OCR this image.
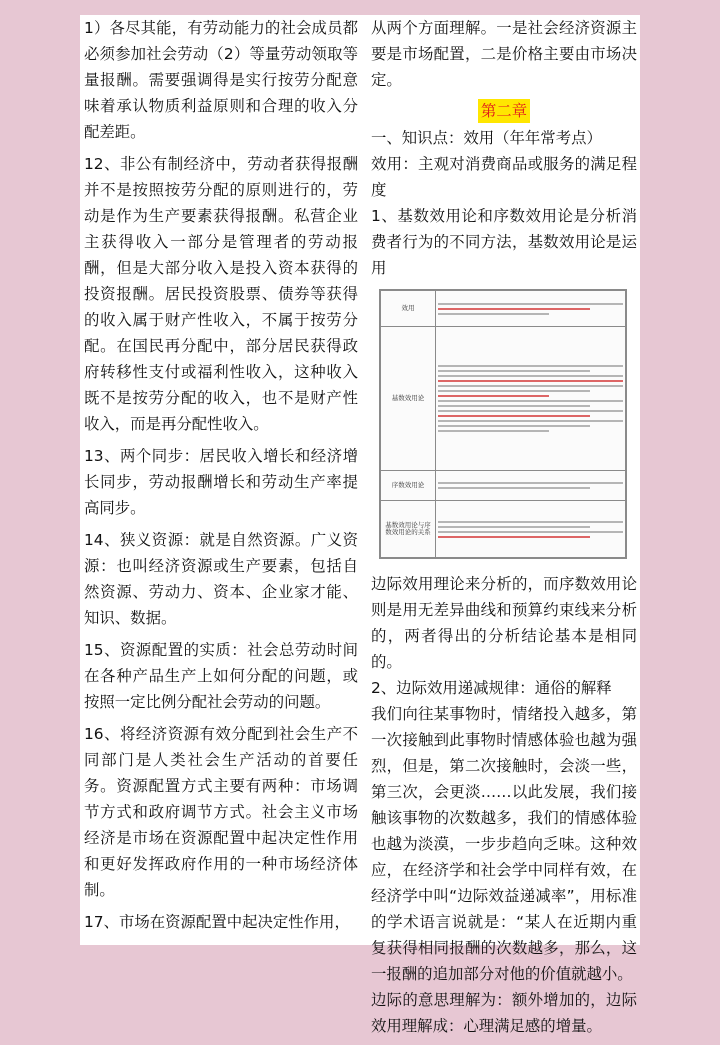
1）各尽其能，有劳动能力的社会成员都必须参加社会劳动（2）等量劳动领取等量报酬。需要强调得是实行按劳分配意味着承认物质利益原则和合理的收入分配差距。

12、非公有制经济中，劳动者获得报酬并不是按照按劳分配的原则进行的，劳动是作为生产要素获得报酬。私营企业主获得收入一部分是管理者的劳动报酬，但是大部分收入是投入资本获得的投资报酬。居民投资股票、债券等获得的收入属于财产性收入，不属于按劳分配。在国民再分配中，部分居民获得政府转移性支付或福利性收入，这种收入既不是按劳分配的收入，也不是财产性收入，而是再分配性收入。

13、两个同步：居民收入增长和经济增长同步，劳动报酬增长和劳动生产率提高同步。

14、狭义资源：就是自然资源。广义资源：也叫经济资源或生产要素，包括自然资源、劳动力、资本、企业家才能、知识、数据。

15、资源配置的实质：社会总劳动时间在各种产品生产上如何分配的问题，或按照一定比例分配社会劳动的问题。

16、将经济资源有效分配到社会生产不同部门是人类社会生产活动的首要任务。资源配置方式主要有两种：市场调节方式和政府调节方式。社会主义市场经济是市场在资源配置中起决定性作用和更好发挥政府作用的一种市场经济体制。

17、市场在资源配置中起决定性作用，

从两个方面理解。一是社会经济资源主要是市场配置，二是价格主要由市场决定。

第二章

一、知识点：效用（年年常考点）

效用：主观对消费商品或服务的满足程度

1、基数效用论和序数效用论是分析消费者行为的不同方法，基数效用论是运用

效用	

基数效用论	

序数效用论	

基数效用论与序数效用论的关系	

边际效用理论来分析的，而序数效用论则是用无差异曲线和预算约束线来分析的，两者得出的分析结论基本是相同的。

2、边际效用递减规律：通俗的解释

我们向往某事物时，情绪投入越多，第一次接触到此事物时情感体验也越为强烈，但是，第二次接触时，会淡一些，第三次，会更淡……以此发展，我们接触该事物的次数越多，我们的情感体验也越为淡漠，一步步趋向乏味。这种效应，在经济学和社会学中同样有效，在经济学中叫“边际效益递减率”，用标准的学术语言说就是：“某人在近期内重复获得相同报酬的次数越多，那么，这一报酬的追加部分对他的价值就越小。

边际的意思理解为：额外增加的，边际效用理解成：心理满足感的增量。
